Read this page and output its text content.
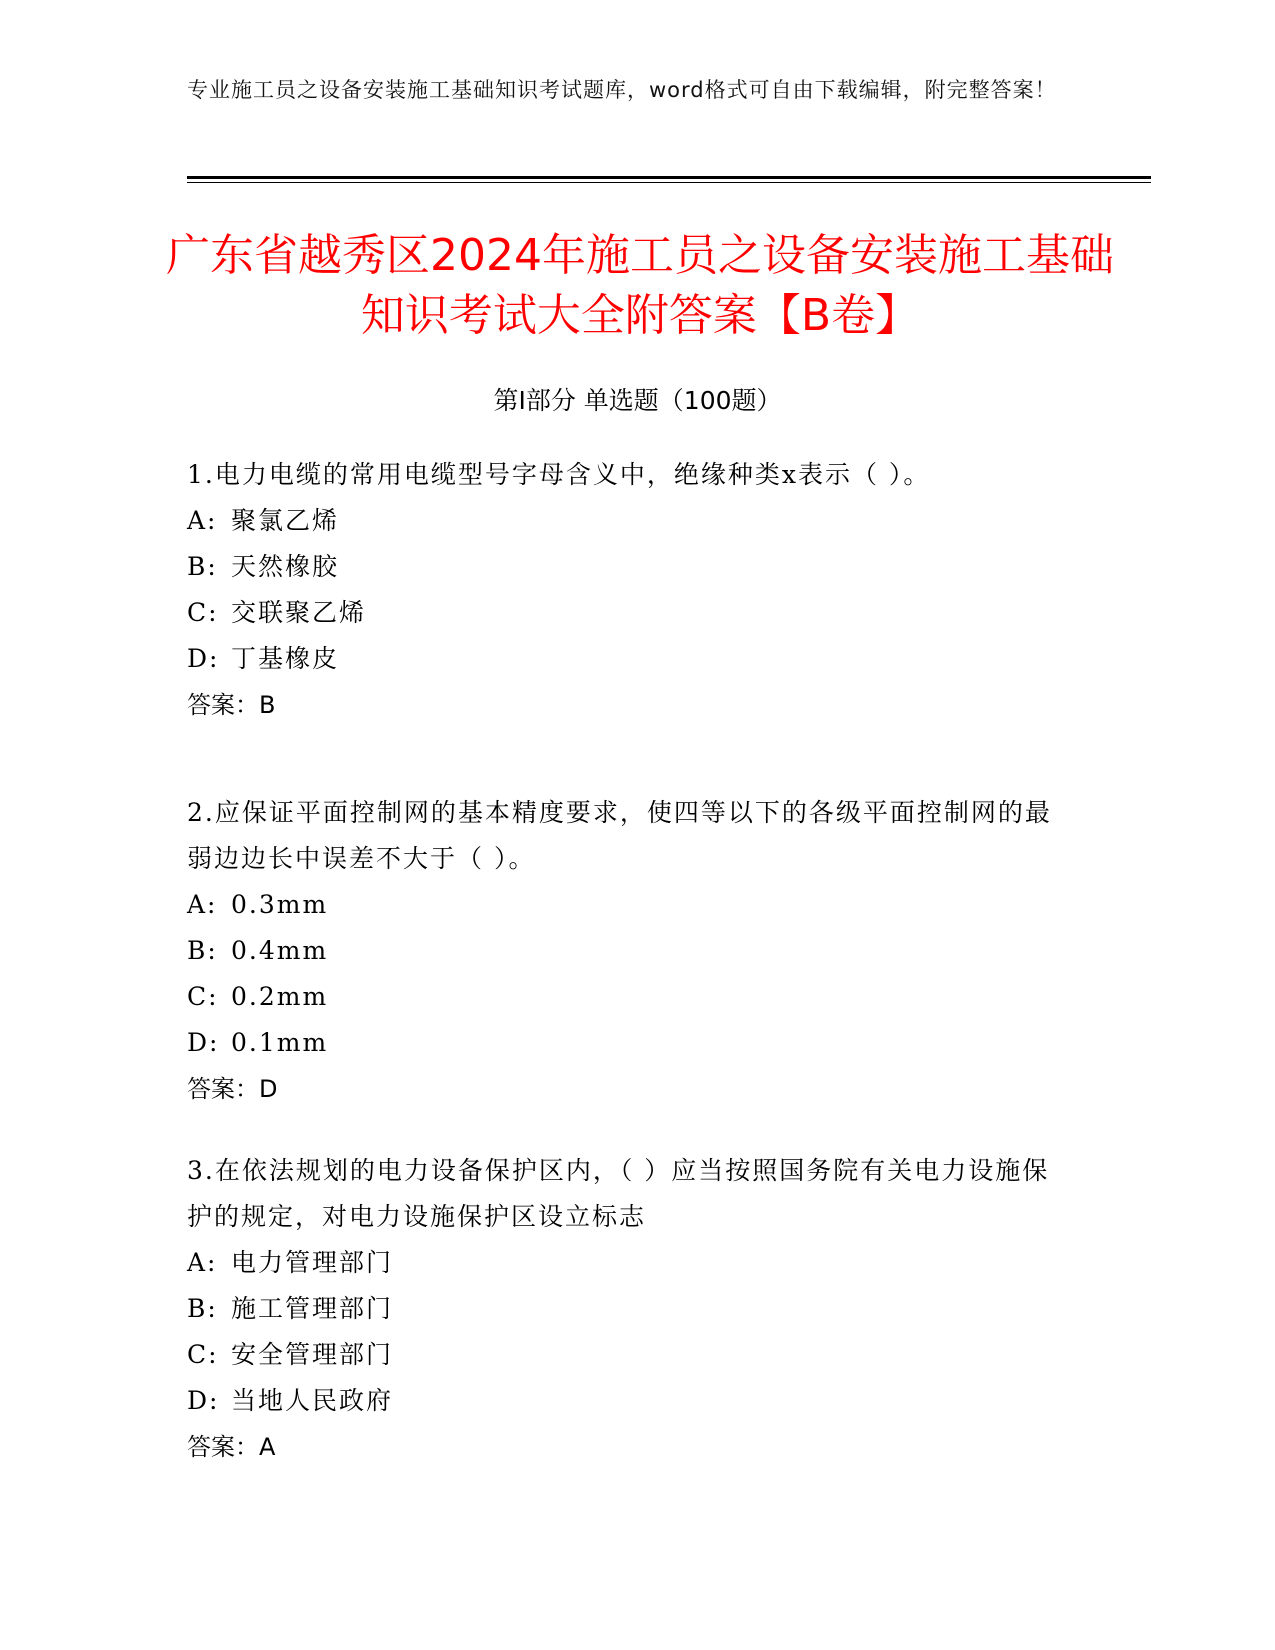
专业施工员之设备安装施工基础知识考试题库，word格式可自由下载编辑，附完整答案！
广东省越秀区2024年施工员之设备安装施工基础知识考试大全附答案【B卷】
第Ⅰ部分 单选题（100题）

1.电力电缆的常用电缆型号字母含义中，绝缘种类x表示（ ）。

A: 聚氯乙烯

B: 天然橡胶

C: 交联聚乙烯

D: 丁基橡皮

答案：B

2.应保证平面控制网的基本精度要求，使四等以下的各级平面控制网的最弱边边长中误差不大于（ ）。

A: 0.3mm

B: 0.4mm

C: 0.2mm

D: 0.1mm

答案：D

3.在依法规划的电力设备保护区内，（ ）应当按照国务院有关电力设施保护的规定，对电力设施保护区设立标志

A: 电力管理部门

B: 施工管理部门

C: 安全管理部门

D: 当地人民政府

答案：A
